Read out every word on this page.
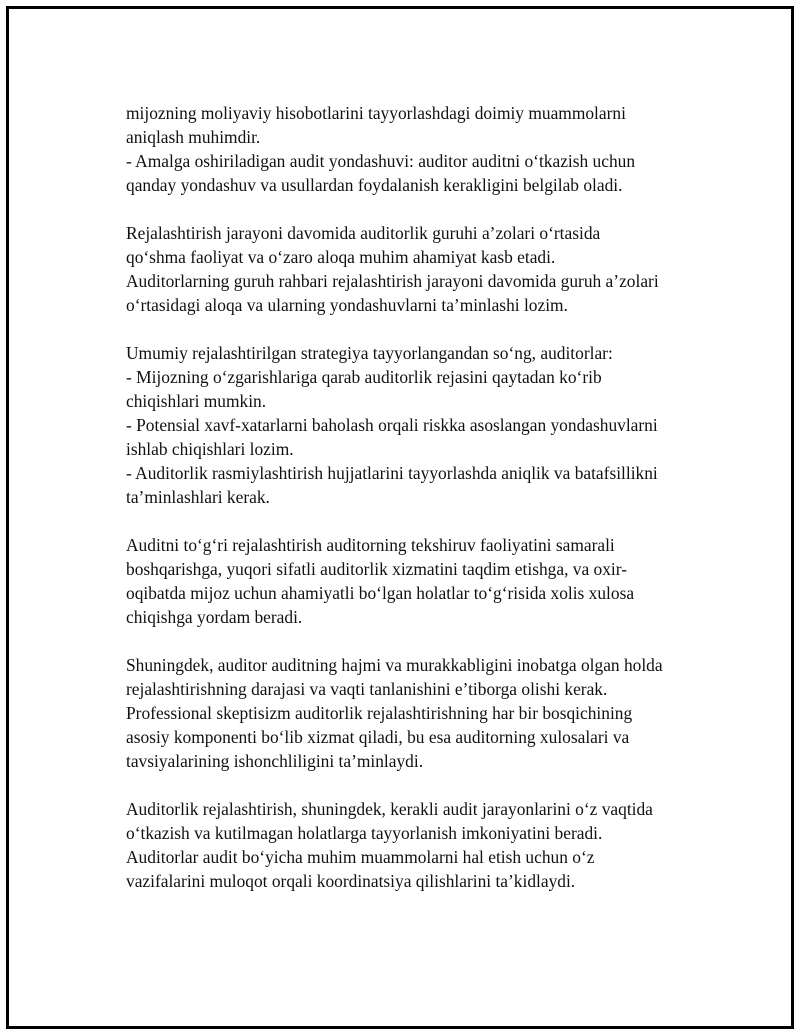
mijozning moliyaviy hisobotlarini tayyorlashdagi doimiy muammolarni
aniqlash muhimdir.
- Amalga oshiriladigan audit yondashuvi: auditor auditni o‘tkazish uchun
qanday yondashuv va usullardan foydalanish kerakligini belgilab oladi.
Rejalashtirish jarayoni davomida auditorlik guruhi a’zolari o‘rtasida
qo‘shma faoliyat va o‘zaro aloqa muhim ahamiyat kasb etadi.
Auditorlarning guruh rahbari rejalashtirish jarayoni davomida guruh a’zolari
o‘rtasidagi aloqa va ularning yondashuvlarni ta’minlashi lozim.
Umumiy rejalashtirilgan strategiya tayyorlangandan so‘ng, auditorlar:
- Mijozning o‘zgarishlariga qarab auditorlik rejasini qaytadan ko‘rib
chiqishlari mumkin.
- Potensial xavf-xatarlarni baholash orqali riskka asoslangan yondashuvlarni
ishlab chiqishlari lozim.
- Auditorlik rasmiylashtirish hujjatlarini tayyorlashda aniqlik va batafsillikni
ta’minlashlari kerak.
Auditni to‘g‘ri rejalashtirish auditorning tekshiruv faoliyatini samarali
boshqarishga, yuqori sifatli auditorlik xizmatini taqdim etishga, va oxir-
oqibatda mijoz uchun ahamiyatli bo‘lgan holatlar to‘g‘risida xolis xulosa
chiqishga yordam beradi.
Shuningdek, auditor auditning hajmi va murakkabligini inobatga olgan holda
rejalashtirishning darajasi va vaqti tanlanishini e’tiborga olishi kerak.
Professional skeptisizm auditorlik rejalashtirishning har bir bosqichining
asosiy komponenti bo‘lib xizmat qiladi, bu esa auditorning xulosalari va
tavsiyalarining ishonchliligini ta’minlaydi.
Auditorlik rejalashtirish, shuningdek, kerakli audit jarayonlarini o‘z vaqtida
o‘tkazish va kutilmagan holatlarga tayyorlanish imkoniyatini beradi.
Auditorlar audit bo‘yicha muhim muammolarni hal etish uchun o‘z
vazifalarini muloqot orqali koordinatsiya qilishlarini ta’kidlaydi.
